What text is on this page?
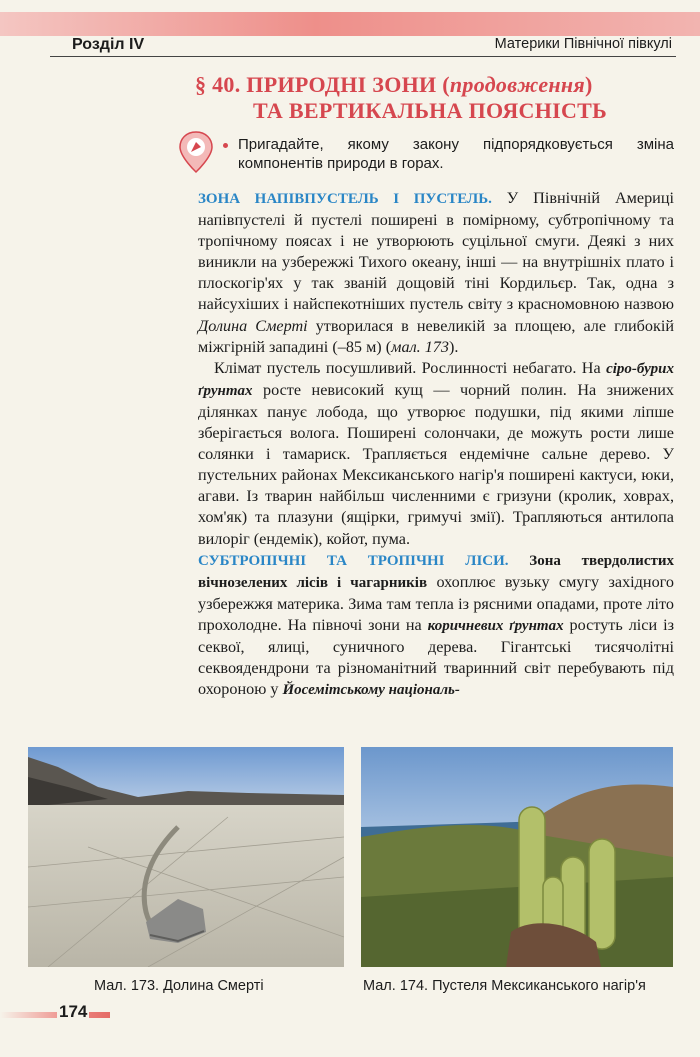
Розділ IV	Материки Північної півкулі
§ 40. ПРИРОДНІ ЗОНИ (продовження)
ТА ВЕРТИКАЛЬНА ПОЯСНІСТЬ
Пригадайте, якому закону підпорядковується зміна компонентів природи в горах.

ЗОНА НАПІВПУСТЕЛЬ І ПУСТЕЛЬ. У Північній Америці напівпустелі й пустелі поширені в помірному, субтропічному та тропічному поясах і не утворюють суцільної смуги. Деякі з них виникли на узбережжі Тихого океану, інші — на внутрішніх плато і плоскогір'ях у так званій дощовій тіні Кордильєр. Так, одна з найсухіших і найспекотніших пустель світу з красномовною назвою Долина Смерті утворилася в невеликій за площею, але глибокій міжгірній западині (–85 м) (мал. 173).

Клімат пустель посушливий. Рослинності небагато. На сіро-бурих ґрунтах росте невисокий кущ — чорний полин. На знижених ділянках панує лобода, що утворює подушки, під якими ліпше зберігається волога. Поширені солончаки, де можуть рости лише солянки і тамариск. Трапляється ендемічне сальне дерево. У пустельних районах Мексиканського нагір'я поширені кактуси, юки, агави. Із тварин найбільш численними є гризуни (кролик, ховрах, хом'як) та плазуни (ящірки, гримучі змії). Трапляються антилопа вилоріг (ендемік), койот, пума.

СУБТРОПІЧНІ ТА ТРОПІЧНІ ЛІСИ. Зона твердолистих вічнозелених лісів і чагарників охоплює вузьку смугу західного узбережжя материка. Зима там тепла із рясними опадами, проте літо прохолодне. На півночі зони на коричневих ґрунтах ростуть ліси із секвої, ялиці, суничного дерева. Гігантські тисячолітні секвоядендрони та різноманітний тваринний світ перебувають під охороною у Йосемітському національ-

Мал. 173. Долина Смерті	Мал. 174. Пустеля Мексиканського нагір'я
174
